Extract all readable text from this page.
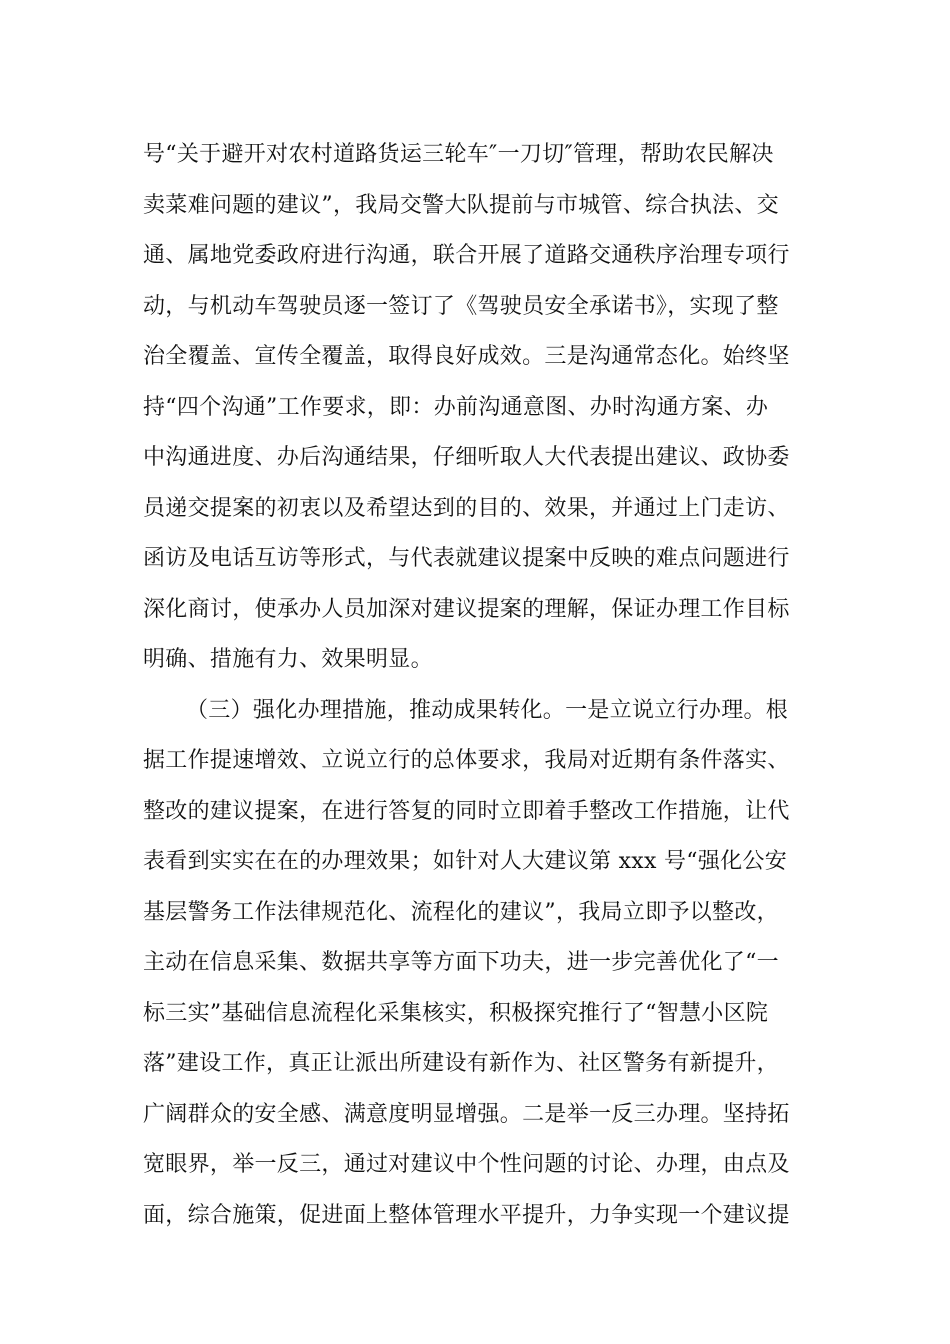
号“关于避开对农村道路货运三轮车″一刀切″管理，帮助农民解决
卖菜难问题的建议”，我局交警大队提前与市城管、综合执法、交
通、属地党委政府进行沟通，联合开展了道路交通秩序治理专项行
动，与机动车驾驶员逐一签订了《驾驶员安全承诺书》，实现了整
治全覆盖、宣传全覆盖，取得良好成效。三是沟通常态化。始终坚
持“四个沟通”工作要求，即：办前沟通意图、办时沟通方案、办
中沟通进度、办后沟通结果，仔细听取人大代表提出建议、政协委
员递交提案的初衷以及希望达到的目的、效果，并通过上门走访、
函访及电话互访等形式，与代表就建议提案中反映的难点问题进行
深化商讨，使承办人员加深对建议提案的理解，保证办理工作目标
明确、措施有力、效果明显。
（三）强化办理措施，推动成果转化。一是立说立行办理。根
据工作提速增效、立说立行的总体要求，我局对近期有条件落实、
整改的建议提案，在进行答复的同时立即着手整改工作措施，让代
表看到实实在在的办理效果；如针对人大建议第 xxx 号“强化公安
基层警务工作法律规范化、流程化的建议”，我局立即予以整改，
主动在信息采集、数据共享等方面下功夫，进一步完善优化了“一
标三实”基础信息流程化采集核实，积极探究推行了“智慧小区院
落”建设工作，真正让派出所建设有新作为、社区警务有新提升，
广阔群众的安全感、满意度明显增强。二是举一反三办理。坚持拓
宽眼界，举一反三，通过对建议中个性问题的讨论、办理，由点及
面，综合施策，促进面上整体管理水平提升，力争实现一个建议提
